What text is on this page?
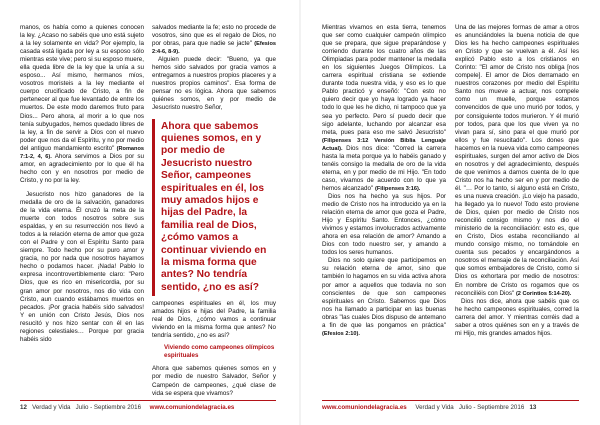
manos, os había como a quienes conocen la ley. ¿Acaso no sabéis que uno está sujeto a la ley solamente en vida? Por ejemplo, la casada está ligada por ley a su esposo sólo mientras este vive; pero si su esposo muere, ella queda libre de la ley que la unía a su esposo... Así mismo, hermanos míos, vosotros moristeis a la ley mediante el cuerpo crucificado de Cristo, a fin de pertenecer al que fue levantado de entre los muertos. De este modo daremos fruto para Dios... Pero ahora, al morir a lo que nos tenía subyugados, hemos quedado libres de la ley, a fin de servir a Dios con el nuevo poder que nos da el Espíritu, y no por medio del antiguo mandamiento escrito" (Romanos 7:1-2, 4, 6). Ahora servimos a Dios por su amor, en agradecimiento por lo que él ha hecho con y en nosotros por medio de Cristo, y no por la ley.

Jesucristo nos hizo ganadores de la medalla de oro de la salvación, ganadores de la vida eterna. Él cruzó la meta de la muerte con todos nosotros sobre sus espaldas, y en su resurrección nos llevó a todos a la relación eterna de amor que goza con el Padre y con el Espíritu Santo para siempre. Todo hecho por su puro amor y gracia, no por nada que nosotros hayamos hecho o podamos hacer. ¡Nada! Pablo lo expresa incontrovertiblemente claro: "Pero Dios, que es rico en misericordia, por su gran amor por nosotros, nos dio vida con Cristo, aun cuando estábamos muertos en pecados. ¡Por gracia habéis sido salvados! Y en unión con Cristo Jesús, Dios nos resucitó y nos hizo sentar con él en las regiones celestiales… Porque por gracia habéis sido

salvados mediante la fe; esto no procede de vosotros, sino que es el regalo de Dios, no por obras, para que nadie se jacte" (Efesios 2:4-6, 8-9).

Alguien puede decir: "Bueno, ya que hemos sido salvados por gracia vamos a entregarnos a nuestros propios placeres y a nuestros propios caminos". Esa forma de pensar no es lógica. Ahora que sabemos quiénes somos, en y por medio de Jesucristo nuestro Señor,

Ahora que sabemos quienes somos, en y por medio de Jesucristo nuestro Señor, campeones espirituales en él, los muy amados hijos e hijas del Padre, la familia real de Dios, ¿cómo vamos a continuar viviendo en la misma forma que antes? No tendría sentido, ¿no es así?

campeones espirituales en él, los muy amados hijos e hijas del Padre, la familia real de Dios, ¿cómo vamos a continuar viviendo en la misma forma que antes? No tendría sentido, ¿no es así?

Viviendo como campeones olímpicos espirituales

Ahora que sabemos quienes somos en y por medio de nuestro Salvador, Señor y Campeón de campeones, ¿qué clase de vida se espera que vivamos?

12 Verdad y Vida Julio - Septiembre 2016 www.comuniondelagracia.es

Mientras vivamos en esta tierra, tenemos que ser como cualquier campeón olímpico que se prepara, que sigue preparándose y corriendo durante los cuatro años de las Olimpiadas para poder mantener la medalla en los siguientes Juegos Olímpicos. La carrera espiritual cristiana se extiende durante toda nuestra vida, y eso es lo que Pablo practicó y enseñó: "Con esto no quiero decir que yo haya logrado ya hacer todo lo que les he dicho, ni tampoco que ya sea yo perfecto. Pero sí puedo decir que sigo adelante, luchando por alcanzar esa meta, pues para eso me salvó Jesucristo" (Filipenses 3:12 Versión Biblia Lenguaje Actual). Dios nos dice: "Corred la carrera hasta la meta porque ya lo habéis ganado y tenéis consigo la medalla de oro de la vida eterna, en y por medio de mi Hijo. "En todo caso, vivamos de acuerdo con lo que ya hemos alcanzado" (Filipenses 3:16).

Dios nos ha hecho ya sus hijos. Por medio de Cristo nos ha introducido ya en la relación eterna de amor que goza el Padre, Hijo y Espíritu Santo. Entonces, ¿cómo vivimos y estamos involucrados activamente ahora en esa relación de amor? Amando a Dios con todo nuestro ser, y amando a todos los seres humanos.

Dios no solo quiere que participemos en su relación eterna de amor, sino que también lo hagamos en su vida activa ahora por amor a aquellos que todavía no son conscientes de que son campeones espirituales en Cristo. Sabemos que Dios nos ha llamado a participar en las buenas obras "las cuales Dios dispuso de antemano a fin de que las pongamos en práctica" (Efesios 2:10).

Una de las mejores formas de amar a otros es anunciándoles la buena noticia de que Dios les ha hecho campeones espirituales en Cristo y que se vuelvan a él. Así les explicó Pablo esto a los cristianos en Corinto: "El amor de Cristo nos obliga [nos compele]. El amor de Dios derramado en nuestros corazones por medio del Espíritu Santo nos mueve a actuar, nos compele como un muelle, porque estamos convencidos de que uno murió por todos, y por consiguiente todos murieron. Y él murió por todos, para que los que viven ya no vivan para sí, sino para el que murió por ellos y fue resucitado". Los dones que hacemos en la nueva vida como campeones espirituales, surgen del amor activo de Dios en nosotros y del agradecimiento, después de que venimos a darnos cuenta de lo que Cristo nos ha hecho ser en y por medio de él. "… Por lo tanto, si alguno está en Cristo, es una nueva creación. ¡Lo viejo ha pasado, ha llegado ya lo nuevo! Todo esto proviene de Dios, quien por medio de Cristo nos reconcilió consigo mismo y nos dio el ministerio de la reconciliación: esto es, que en Cristo, Dios estaba reconciliando al mundo consigo mismo, no tomándole en cuenta sus pecados y encargándonos a nosotros el mensaje de la reconciliación. Así que somos embajadores de Cristo, como si Dios os exhortara por medio de nosotros: En nombre de Cristo os rogamos que os reconciliéis con Dios" (2 Corintios 5:14-20).

Dios nos dice, ahora que sabéis que os he hecho campeones espirituales, corred la carrera del amor. Y mientras corréis dad a saber a otros quiénes son en y a través de mi Hijo, mis grandes amados hijos.

www.comuniondelagracia.es Verdad y Vida Julio - Septiembre 2016 13
